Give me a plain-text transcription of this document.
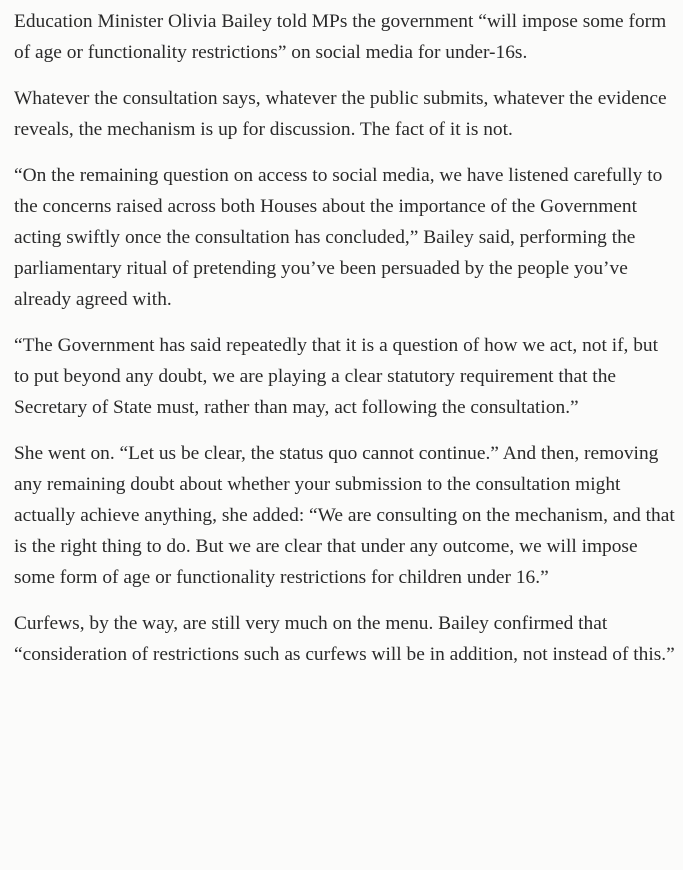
Education Minister Olivia Bailey told MPs the government “will impose some form of age or functionality restrictions” on social media for under-16s.

Whatever the consultation says, whatever the public submits, whatever the evidence reveals, the mechanism is up for discussion. The fact of it is not.

“On the remaining question on access to social media, we have listened carefully to the concerns raised across both Houses about the importance of the Government acting swiftly once the consultation has concluded,” Bailey said, performing the parliamentary ritual of pretending you’ve been persuaded by the people you’ve already agreed with.

“The Government has said repeatedly that it is a question of how we act, not if, but to put beyond any doubt, we are playing a clear statutory requirement that the Secretary of State must, rather than may, act following the consultation.”

She went on. “Let us be clear, the status quo cannot continue.” And then, removing any remaining doubt about whether your submission to the consultation might actually achieve anything, she added: “We are consulting on the mechanism, and that is the right thing to do. But we are clear that under any outcome, we will impose some form of age or functionality restrictions for children under 16.”

Curfews, by the way, are still very much on the menu. Bailey confirmed that “consideration of restrictions such as curfews will be in addition, not instead of this.”
